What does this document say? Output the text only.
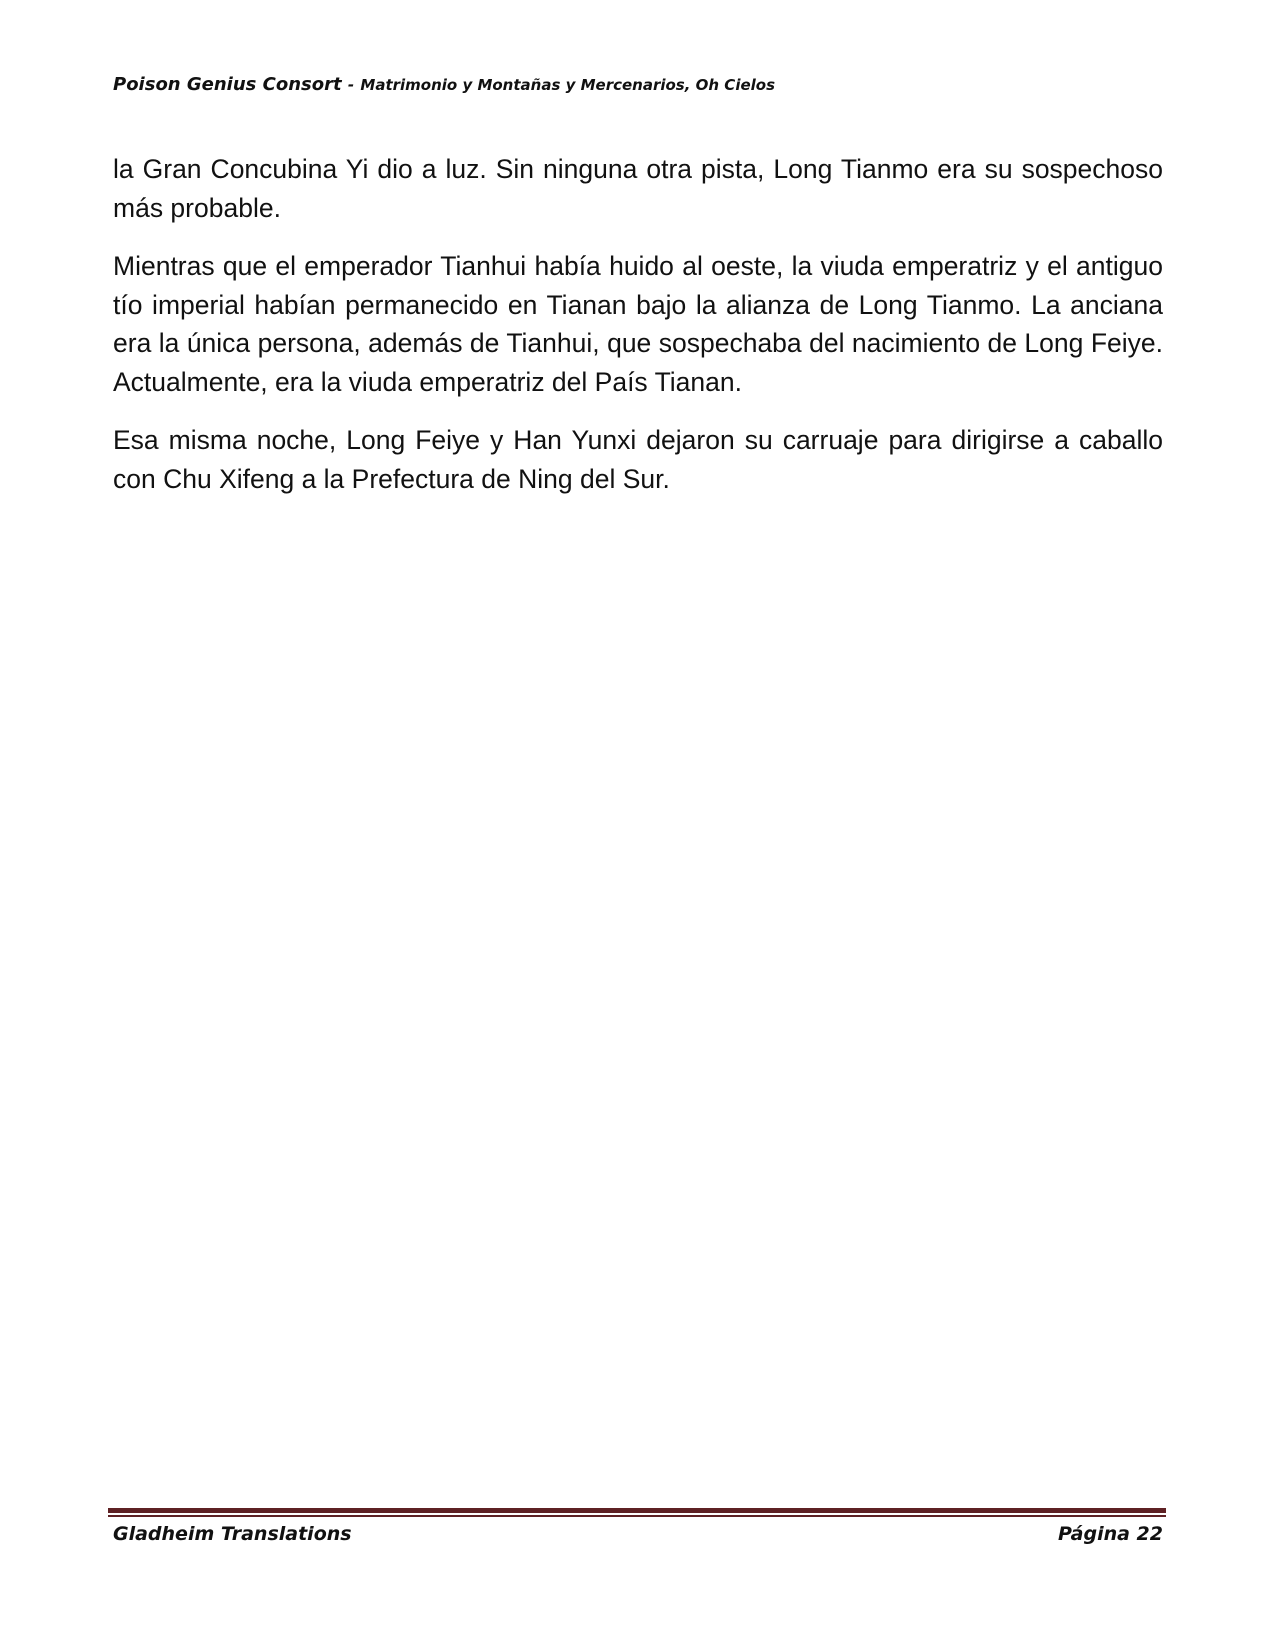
Poison Genius Consort - Matrimonio y Montañas y Mercenarios, Oh Cielos

la Gran Concubina Yi dio a luz. Sin ninguna otra pista, Long Tianmo era su sospechoso más probable.

Mientras que el emperador Tianhui había huido al oeste, la viuda emperatriz y el antiguo tío imperial habían permanecido en Tianan bajo la alianza de Long Tianmo. La anciana era la única persona, además de Tianhui, que sospechaba del nacimiento de Long Feiye. Actualmente, era la viuda emperatriz del País Tianan.

Esa misma noche, Long Feiye y Han Yunxi dejaron su carruaje para dirigirse a caballo con Chu Xifeng a la Prefectura de Ning del Sur.

Gladheim Translations	Página 22
